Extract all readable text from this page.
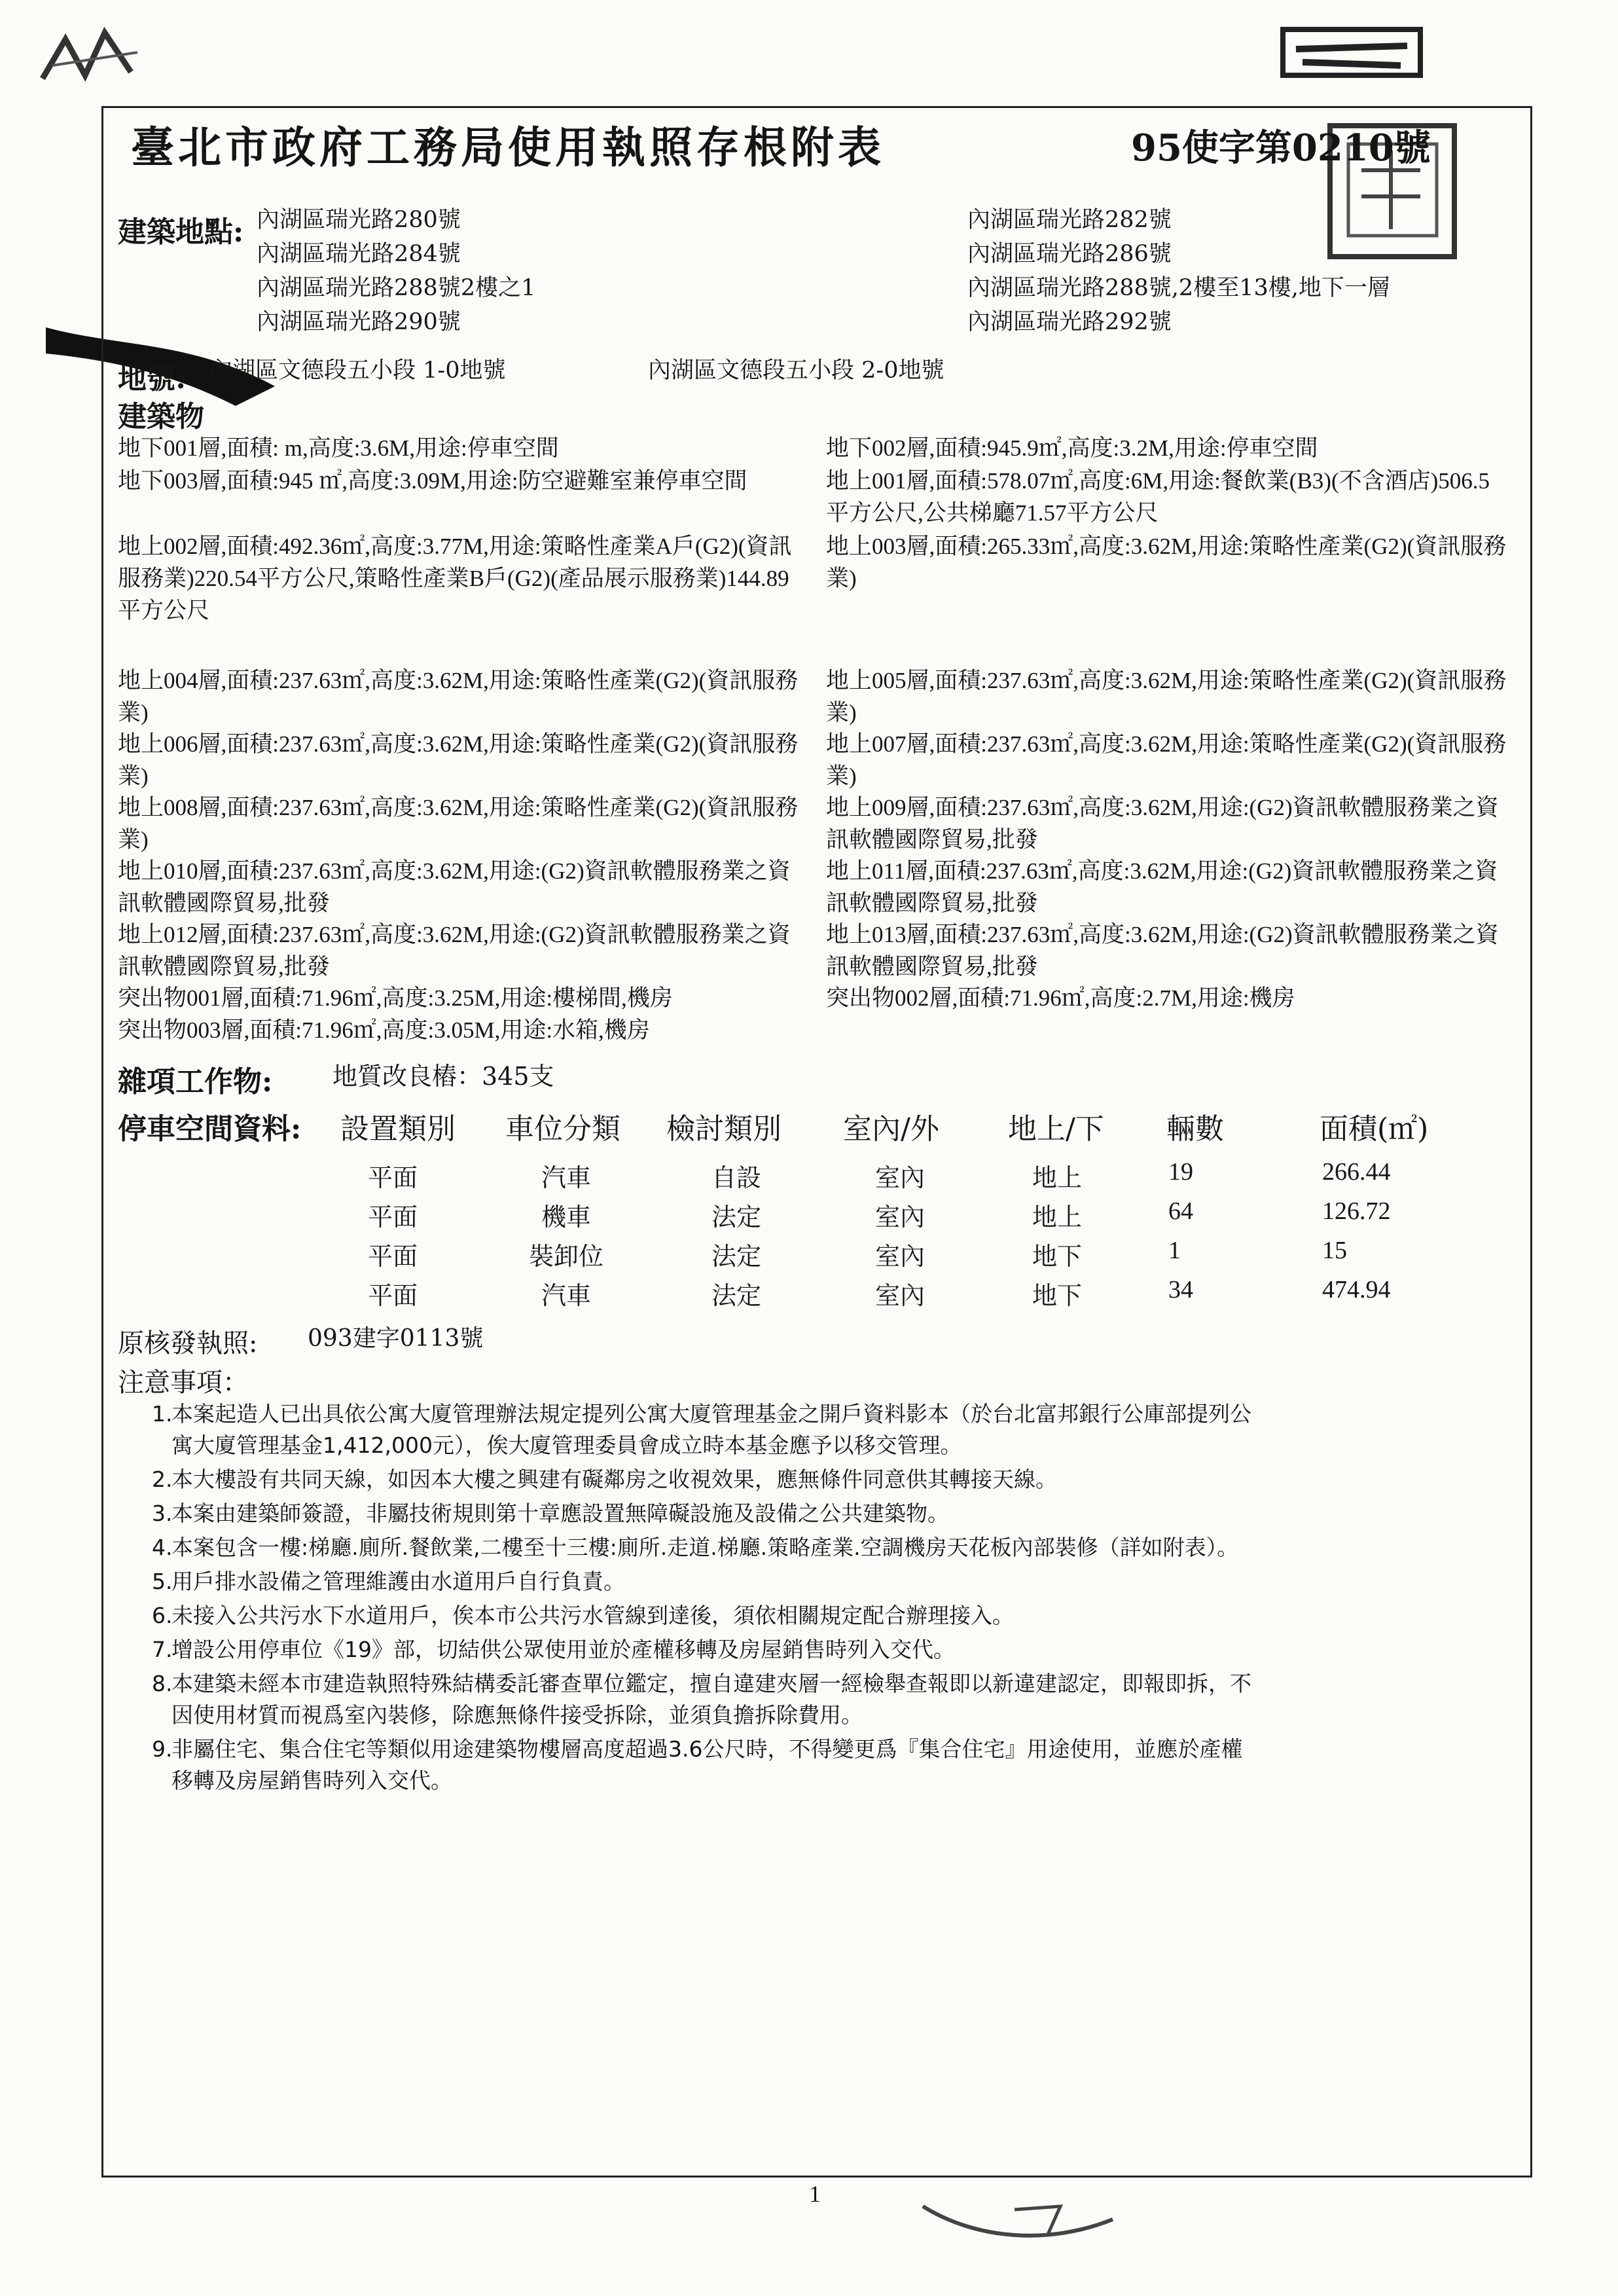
臺北市政府工務局使用執照存根附表	95使字第0210號
建築地點: 內湖區瑞光路280號	內湖區瑞光路282號
內湖區瑞光路284號	內湖區瑞光路286號
內湖區瑞光路288號2樓之1	內湖區瑞光路288號,2樓至13樓,地下一層
內湖區瑞光路290號	內湖區瑞光路292號
地號: 內湖區文德段五小段 1-0地號	內湖區文德段五小段 2-0地號
建築物
地下001層,面積: m,高度:3.6M,用途:停車空間
地下003層,面積:945 ㎡,高度:3.09M,用途:防空避難室兼停車空間
地上002層,面積:492.36㎡,高度:3.77M,用途:策略性產業A戶(G2)(資訊服務業)220.54平方公尺,策略性產業B戶(G2)(產品展示服務業)144.89平方公尺
地上004層,面積:237.63㎡,高度:3.62M,用途:策略性產業(G2)(資訊服務業)
地上006層,面積:237.63㎡,高度:3.62M,用途:策略性產業(G2)(資訊服務業)
地上008層,面積:237.63㎡,高度:3.62M,用途:策略性產業(G2)(資訊服務業)
地上010層,面積:237.63㎡,高度:3.62M,用途:(G2)資訊軟體服務業之資訊軟體國際貿易,批發
地上012層,面積:237.63㎡,高度:3.62M,用途:(G2)資訊軟體服務業之資訊軟體國際貿易,批發
突出物001層,面積:71.96㎡,高度:3.25M,用途:樓梯間,機房
突出物003層,面積:71.96㎡,高度:3.05M,用途:水箱,機房
地下002層,面積:945.9㎡,高度:3.2M,用途:停車空間
地上001層,面積:578.07㎡,高度:6M,用途:餐飲業(B3)(不含酒店)506.5平方公尺,公共梯廳71.57平方公尺
地上003層,面積:265.33㎡,高度:3.62M,用途:策略性產業(G2)(資訊服務業)
地上005層,面積:237.63㎡,高度:3.62M,用途:策略性產業(G2)(資訊服務業)
地上007層,面積:237.63㎡,高度:3.62M,用途:策略性產業(G2)(資訊服務業)
地上009層,面積:237.63㎡,高度:3.62M,用途:(G2)資訊軟體服務業之資訊軟體國際貿易,批發
地上011層,面積:237.63㎡,高度:3.62M,用途:(G2)資訊軟體服務業之資訊軟體國際貿易,批發
地上013層,面積:237.63㎡,高度:3.62M,用途:(G2)資訊軟體服務業之資訊軟體國際貿易,批發
突出物002層,面積:71.96㎡,高度:2.7M,用途:機房
雜項工作物: 地質改良樁：345支
停車空間資料: 設置類別 車位分類 檢討類別 室內/外 地上/下 輛數	面積(㎡)
平面	汽車	自設	室內	地上	19	266.44
平面	機車	法定	室內	地上	64	126.72
平面	裝卸位	法定	室內	地下	1	15
平面	汽車	法定	室內	地下	34	474.94
原核發執照: 093建字0113號
注意事項：
1.本案起造人已出具依公寓大廈管理辦法規定提列公寓大廈管理基金之開戶資料影本（於台北富邦銀行公庫部提列公
寓大廈管理基金1,412,000元），俟大廈管理委員會成立時本基金應予以移交管理。
2.本大樓設有共同天線，如因本大樓之興建有礙鄰房之收視效果，應無條件同意供其轉接天線。
3.本案由建築師簽證，非屬技術規則第十章應設置無障礙設施及設備之公共建築物。
4.本案包含一樓:梯廳.廁所.餐飲業,二樓至十三樓:廁所.走道.梯廳.策略產業.空調機房天花板內部裝修（詳如附表）。
5.用戶排水設備之管理維護由水道用戶自行負責。
6.未接入公共污水下水道用戶，俟本市公共污水管線到達後，須依相關規定配合辦理接入。
7.增設公用停車位《19》部，切結供公眾使用並於產權移轉及房屋銷售時列入交代。
8.本建築未經本市建造執照特殊結構委託審查單位鑑定，擅自違建夾層一經檢舉查報即以新違建認定，即報即拆，不
因使用材質而視爲室內裝修，除應無條件接受拆除，並須負擔拆除費用。
9.非屬住宅、集合住宅等類似用途建築物樓層高度超過3.6公尺時，不得變更爲『集合住宅』用途使用，並應於產權
移轉及房屋銷售時列入交代。
1
